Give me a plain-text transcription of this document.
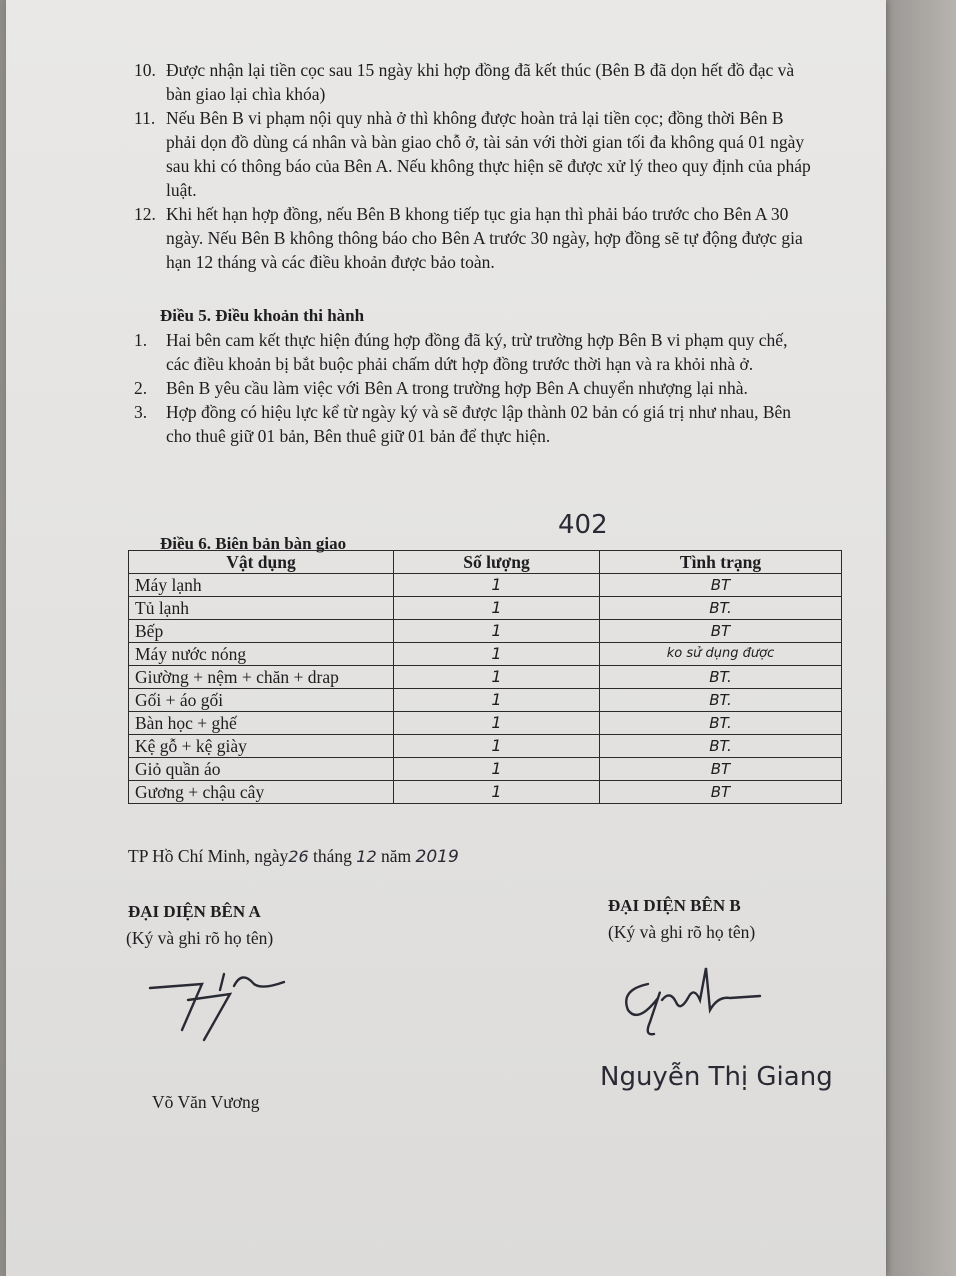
10. Được nhận lại tiền cọc sau 15 ngày khi hợp đồng đã kết thúc (Bên B đã dọn hết đồ đạc và bàn giao lại chìa khóa)
11. Nếu Bên B vi phạm nội quy nhà ở thì không được hoàn trả lại tiền cọc; đồng thời Bên B phải dọn đồ dùng cá nhân và bàn giao chỗ ở, tài sản với thời gian tối đa không quá 01 ngày sau khi có thông báo của Bên A. Nếu không thực hiện sẽ được xử lý theo quy định của pháp luật.
12. Khi hết hạn hợp đồng, nếu Bên B khong tiếp tục gia hạn thì phải báo trước cho Bên A 30 ngày. Nếu Bên B không thông báo cho Bên A trước 30 ngày, hợp đồng sẽ tự động được gia hạn 12 tháng và các điều khoản được bảo toàn.
Điều 5. Điều khoản thi hành
1.	Hai bên cam kết thực hiện đúng hợp đồng đã ký, trừ trường hợp Bên B vi phạm quy chế, các điều khoản bị bắt buộc phải chấm dứt hợp đồng trước thời hạn và ra khỏi nhà ở.
2.	Bên B yêu cầu làm việc với Bên A trong trường hợp Bên A chuyển nhượng lại nhà.
3.	Hợp đồng có hiệu lực kể từ ngày ký và sẽ được lập thành 02 bản có giá trị như nhau, Bên cho thuê giữ 01 bản, Bên thuê giữ 01 bản để thực hiện.
402
Điều 6. Biên bản bàn giao
Vật dụng	Số lượng	Tình trạng
Máy lạnh	1	BT
Tủ lạnh	1	BT.
Bếp	1	BT
Máy nước nóng	1	ko sử dụng được
Giường + nệm + chăn + drap	1	BT.
Gối + áo gối	1	BT.
Bàn học + ghế	1	BT.
Kệ gỗ + kệ giày	1	BT.
Giỏ quần áo	1	BT
Gương + chậu cây	1	BT
TP Hồ Chí Minh, ngày26 tháng 12 năm 2019
ĐẠI DIỆN BÊN A
(Ký và ghi rõ họ tên)
Võ Văn Vương
ĐẠI DIỆN BÊN B
(Ký và ghi rõ họ tên)
Nguyễn Thị Giang
